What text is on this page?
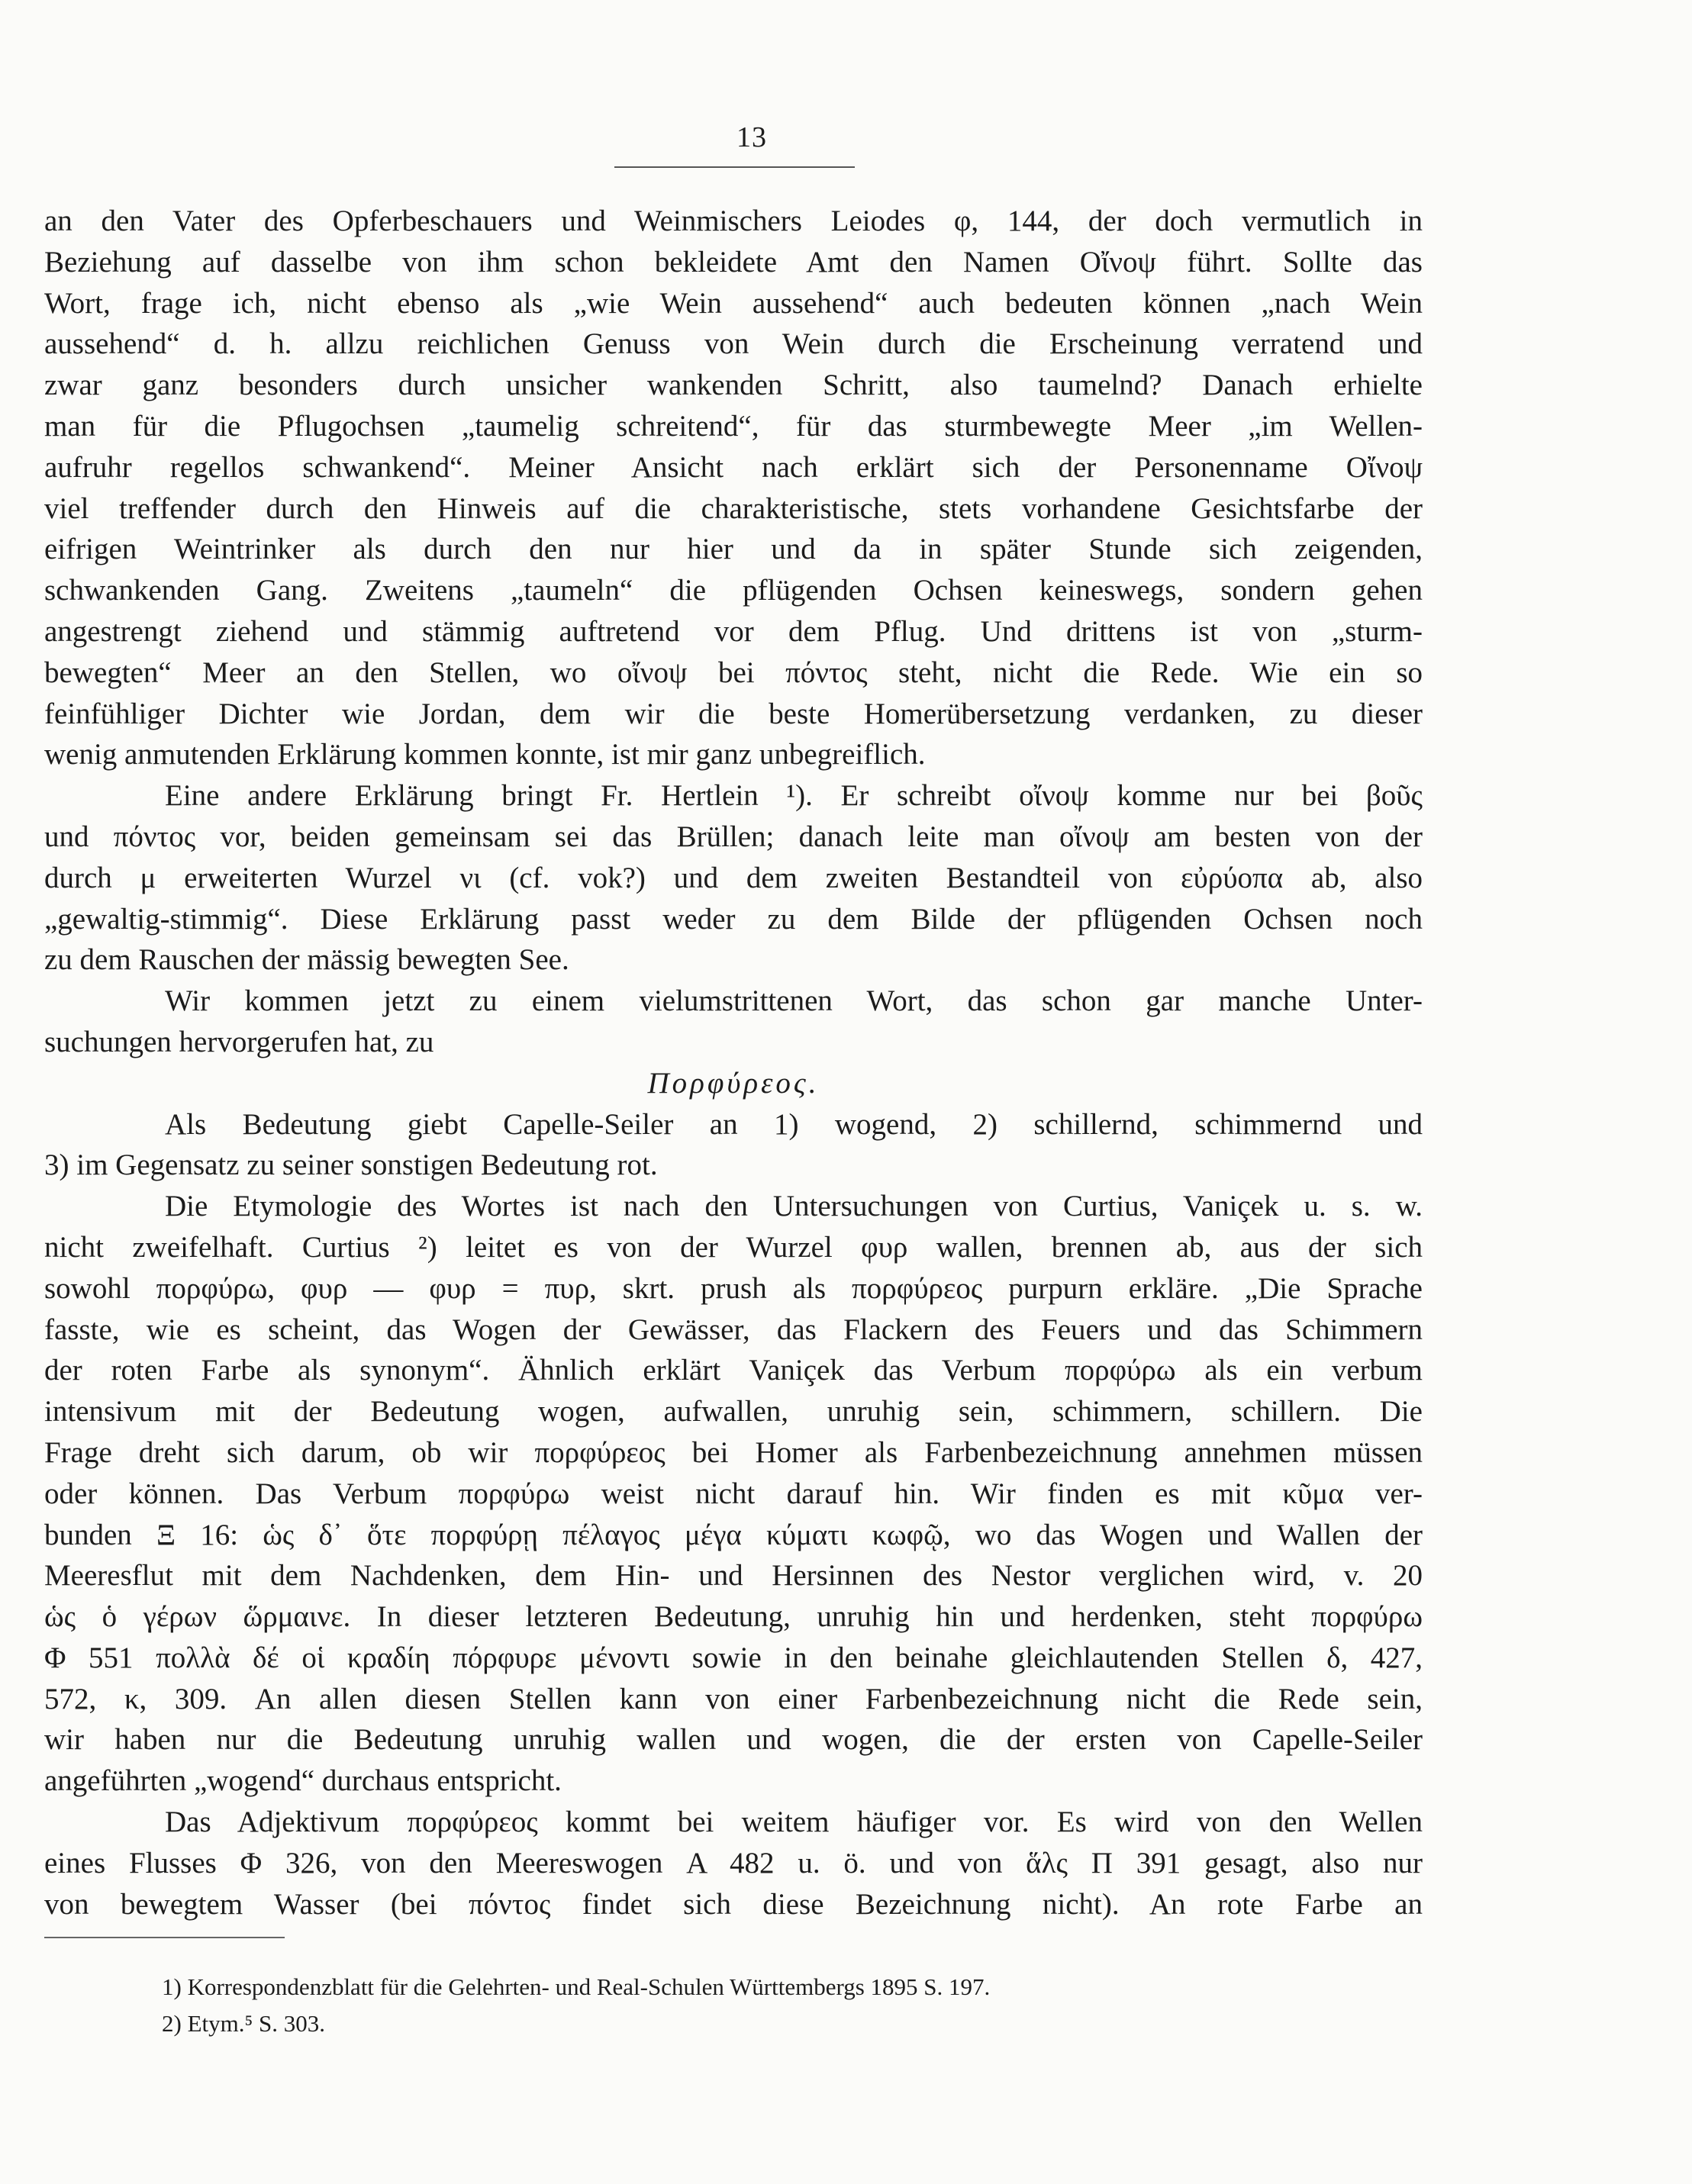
13
an den Vater des Opferbeschauers und Weinmischers Leiodes φ, 144, der doch vermutlich in
Beziehung auf dasselbe von ihm schon bekleidete Amt den Namen Οἴνοψ führt. Sollte das
Wort, frage ich, nicht ebenso als „wie Wein aussehend“ auch bedeuten können „nach Wein
aussehend“ d. h. allzu reichlichen Genuss von Wein durch die Erscheinung verratend und
zwar ganz besonders durch unsicher wankenden Schritt, also taumelnd? Danach erhielte
man für die Pflugochsen „taumelig schreitend“, für das sturmbewegte Meer „im Wellen-
aufruhr regellos schwankend“. Meiner Ansicht nach erklärt sich der Personenname Οἴνοψ
viel treffender durch den Hinweis auf die charakteristische, stets vorhandene Gesichtsfarbe der
eifrigen Weintrinker als durch den nur hier und da in später Stunde sich zeigenden,
schwankenden Gang. Zweitens „taumeln“ die pflügenden Ochsen keineswegs, sondern gehen
angestrengt ziehend und stämmig auftretend vor dem Pflug. Und drittens ist von „sturm-
bewegten“ Meer an den Stellen, wo οἴνοψ bei πόντος steht, nicht die Rede. Wie ein so
feinfühliger Dichter wie Jordan, dem wir die beste Homerübersetzung verdanken, zu dieser
wenig anmutenden Erklärung kommen konnte, ist mir ganz unbegreiflich.
Eine andere Erklärung bringt Fr. Hertlein ¹). Er schreibt οἴνοψ komme nur bei βοῦς
und πόντος vor, beiden gemeinsam sei das Brüllen; danach leite man οἴνοψ am besten von der
durch μ erweiterten Wurzel νι (cf. vok?) und dem zweiten Bestandteil von εὐρύοπα ab, also
„gewaltig-stimmig“. Diese Erklärung passt weder zu dem Bilde der pflügenden Ochsen noch
zu dem Rauschen der mässig bewegten See.
Wir kommen jetzt zu einem vielumstrittenen Wort, das schon gar manche Unter-
suchungen hervorgerufen hat, zu
Πορφύρεος.
Als Bedeutung giebt Capelle-Seiler an 1) wogend, 2) schillernd, schimmernd und
3) im Gegensatz zu seiner sonstigen Bedeutung rot.
Die Etymologie des Wortes ist nach den Untersuchungen von Curtius, Vaniçek u. s. w.
nicht zweifelhaft. Curtius ²) leitet es von der Wurzel φυρ wallen, brennen ab, aus der sich
sowohl πορφύρω, φυρ — φυρ = πυρ, skrt. prush als πορφύρεος purpurn erkläre. „Die Sprache
fasste, wie es scheint, das Wogen der Gewässer, das Flackern des Feuers und das Schimmern
der roten Farbe als synonym“. Ähnlich erklärt Vaniçek das Verbum πορφύρω als ein verbum
intensivum mit der Bedeutung wogen, aufwallen, unruhig sein, schimmern, schillern. Die
Frage dreht sich darum, ob wir πορφύρεος bei Homer als Farbenbezeichnung annehmen müssen
oder können. Das Verbum πορφύρω weist nicht darauf hin. Wir finden es mit κῦμα ver-
bunden Ξ 16: ὡς δ᾽ ὅτε πορφύρῃ πέλαγος μέγα κύματι κωφῷ, wo das Wogen und Wallen der
Meeresflut mit dem Nachdenken, dem Hin- und Hersinnen des Nestor verglichen wird, v. 20
ὡς ὁ γέρων ὥρμαινε. In dieser letzteren Bedeutung, unruhig hin und herdenken, steht πορφύρω
Φ 551 πολλὰ δέ οἱ κραδίη πόρφυρε μένοντι sowie in den beinahe gleichlautenden Stellen δ, 427,
572, κ, 309. An allen diesen Stellen kann von einer Farbenbezeichnung nicht die Rede sein,
wir haben nur die Bedeutung unruhig wallen und wogen, die der ersten von Capelle-Seiler
angeführten „wogend“ durchaus entspricht.
Das Adjektivum πορφύρεος kommt bei weitem häufiger vor. Es wird von den Wellen
eines Flusses Φ 326, von den Meereswogen Α 482 u. ö. und von ἅλς Π 391 gesagt, also nur
von bewegtem Wasser (bei πόντος findet sich diese Bezeichnung nicht). An rote Farbe an
1) Korrespondenzblatt für die Gelehrten- und Real-Schulen Württembergs 1895 S. 197.
2) Etym.⁵ S. 303.
